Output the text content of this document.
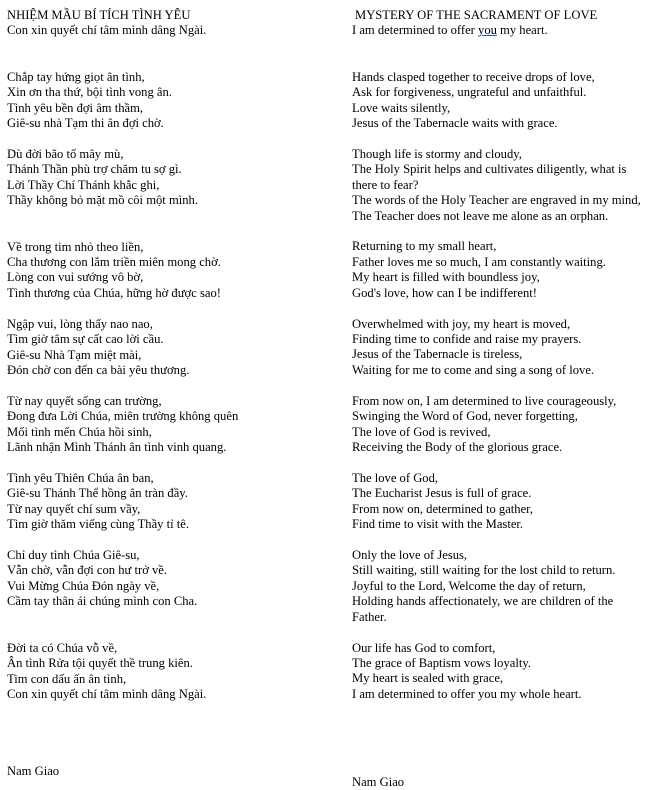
NHIỆM MẦU BÍ TÍCH TÌNH YÊU
Con xin quyết chí tâm mình dâng Ngài.
Chắp tay hứng giọt ân tình,
Xin ơn tha thứ, bội tình vong ân.
Tình yêu bền đợi âm thầm,
Giê-su nhà Tạm thi ân đợi chờ.
Dù đời bão tố mây mù,
Thánh Thần phù trợ chăm tu sợ gì.
Lời Thầy Chí Thánh khắc ghi,
Thầy không bỏ mặt mồ côi một mình.
Về trong tim nhỏ theo liền,
Cha thương con lắm triền miên mong chờ.
Lòng con vui sướng vô bờ,
Tình thương của Chúa, hững hờ được sao!
Ngập vui, lòng thấy nao nao,
Tìm giờ tâm sự cất cao lời cầu.
Giê-su Nhà Tạm miệt mài,
Đón chờ con đến ca bài yêu thương.
Từ nay quyết sống can trường,
Đong đưa Lời Chúa, miên trường không quên
Mối tình mến Chúa hồi sinh,
Lãnh nhận Mình Thánh ân tình vinh quang.
Tình yêu Thiên Chúa ân ban,
Giê-su Thánh Thể hồng ân tràn đầy.
Từ nay quyết chí sum vầy,
Tìm giờ thăm viếng cùng Thầy tỉ tê.
Chỉ duy tình Chúa Giê-su,
Vẫn chờ, vẫn đợi con hư trở về.
Vui Mừng Chúa Đón ngày về,
Cầm tay thân ái chúng mình con Cha.
Đời ta có Chúa vỗ về,
Ân tình Rửa tội quyết thề trung kiên.
Tim con dấu ấn ân tình,
Con xin quyết chí tâm mình dâng Ngài.
Nam Giao
MYSTERY OF THE SACRAMENT OF LOVE
I am determined to offer you my heart.
Hands clasped together to receive drops of love,
Ask for forgiveness, ungrateful and unfaithful.
Love waits silently,
Jesus of the Tabernacle waits with grace.
Though life is stormy and cloudy,
The Holy Spirit helps and cultivates diligently, what is there to fear?
The words of the Holy Teacher are engraved in my mind,
The Teacher does not leave me alone as an orphan.
Returning to my small heart,
Father loves me so much, I am constantly waiting.
My heart is filled with boundless joy,
God's love, how can I be indifferent!
Overwhelmed with joy, my heart is moved,
Finding time to confide and raise my prayers.
Jesus of the Tabernacle is tireless,
Waiting for me to come and sing a song of love.
From now on, I am determined to live courageously,
Swinging the Word of God, never forgetting,
The love of God is revived,
Receiving the Body of the glorious grace.
The love of God,
The Eucharist Jesus is full of grace.
From now on, determined to gather,
Find time to visit with the Master.
Only the love of Jesus,
Still waiting, still waiting for the lost child to return.
Joyful to the Lord, Welcome the day of return,
Holding hands affectionately, we are children of the Father.
Our life has God to comfort,
The grace of Baptism vows loyalty.
My heart is sealed with grace,
I am determined to offer you my whole heart.
Nam Giao
